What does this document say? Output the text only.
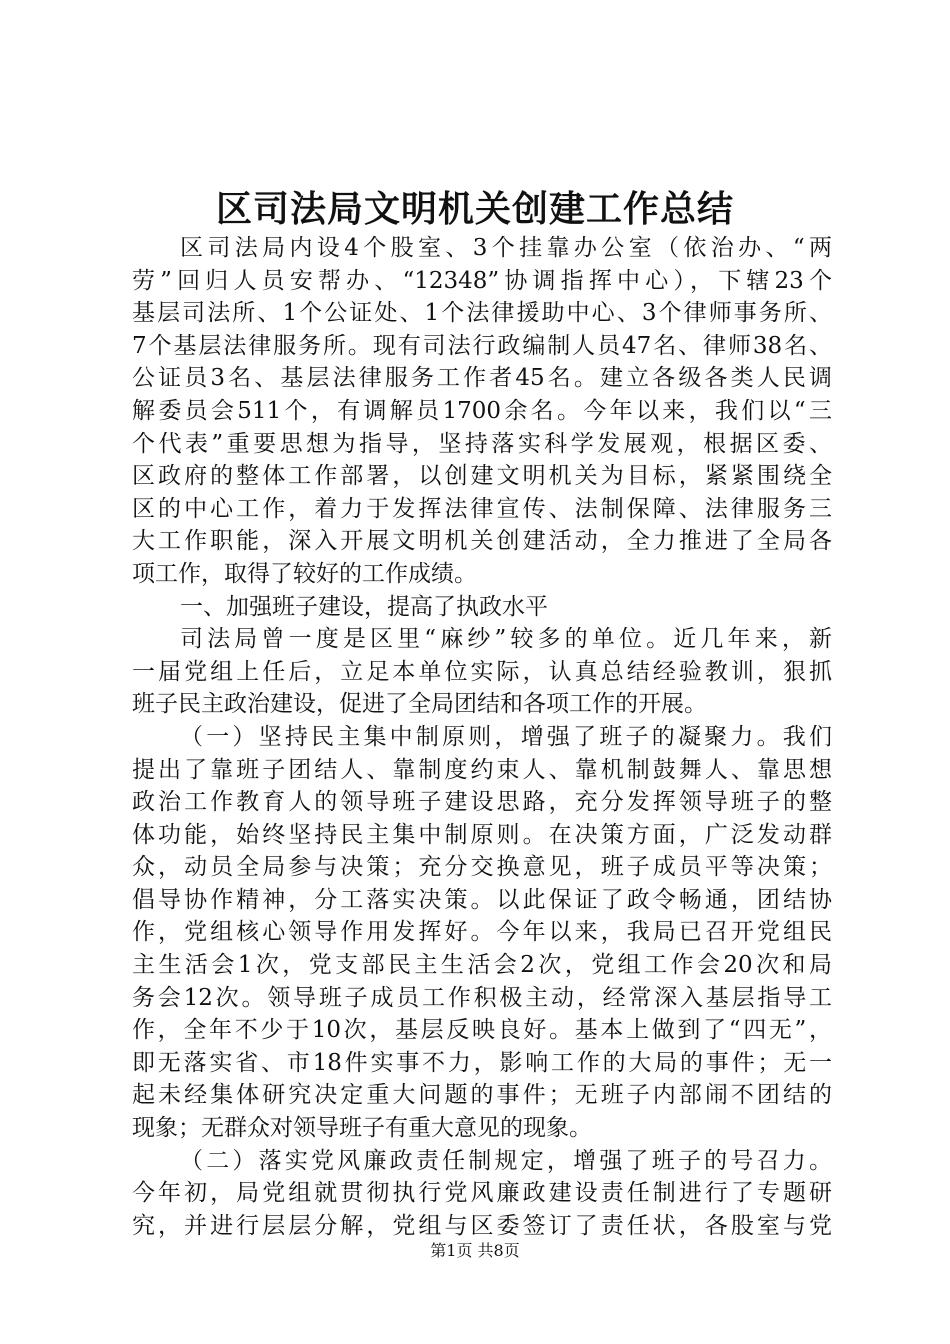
区司法局文明机关创建工作总结
区司法局内设4个股室、3个挂靠办公室（依治办、“两
劳”回归人员安帮办、“12348”协调指挥中心），下辖23个
基层司法所、1个公证处、1个法律援助中心、3个律师事务所、
7个基层法律服务所。现有司法行政编制人员47名、律师38名、
公证员3名、基层法律服务工作者45名。建立各级各类人民调
解委员会511个，有调解员1700余名。今年以来，我们以“三
个代表”重要思想为指导，坚持落实科学发展观，根据区委、
区政府的整体工作部署，以创建文明机关为目标，紧紧围绕全
区的中心工作，着力于发挥法律宣传、法制保障、法律服务三
大工作职能，深入开展文明机关创建活动，全力推进了全局各
项工作，取得了较好的工作成绩。
一、加强班子建设，提高了执政水平
司法局曾一度是区里“麻纱”较多的单位。近几年来，新
一届党组上任后，立足本单位实际，认真总结经验教训，狠抓
班子民主政治建设，促进了全局团结和各项工作的开展。
（一）坚持民主集中制原则，增强了班子的凝聚力。我们
提出了靠班子团结人、靠制度约束人、靠机制鼓舞人、靠思想
政治工作教育人的领导班子建设思路，充分发挥领导班子的整
体功能，始终坚持民主集中制原则。在决策方面，广泛发动群
众，动员全局参与决策；充分交换意见，班子成员平等决策；
倡导协作精神，分工落实决策。以此保证了政令畅通，团结协
作，党组核心领导作用发挥好。今年以来，我局已召开党组民
主生活会1次，党支部民主生活会2次，党组工作会20次和局
务会12次。领导班子成员工作积极主动，经常深入基层指导工
作，全年不少于10次，基层反映良好。基本上做到了“四无”，
即无落实省、市18件实事不力，影响工作的大局的事件；无一
起未经集体研究决定重大问题的事件；无班子内部闹不团结的
现象；无群众对领导班子有重大意见的现象。
（二）落实党风廉政责任制规定，增强了班子的号召力。
今年初，局党组就贯彻执行党风廉政建设责任制进行了专题研
究，并进行层层分解，党组与区委签订了责任状，各股室与党
第1页 共8页
